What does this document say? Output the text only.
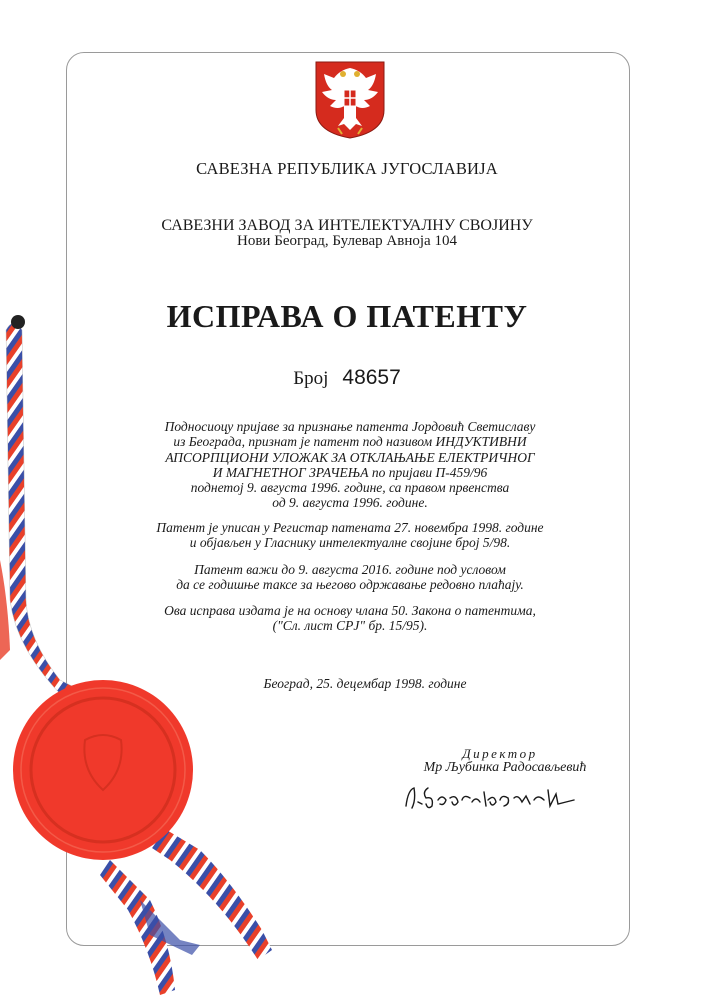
САВЕЗНА РЕПУБЛИКА ЈУГОСЛАВИЈА
САВЕЗНИ ЗАВОД ЗА ИНТЕЛЕКТУАЛНУ СВОЈИНУ
Нови Београд, Булевар Авноја 104
ИСПРАВА О ПАТЕНТУ
Број 48657
Подносиоцу пријаве за признање патента Јордовић Светиславу
из Београда, признат је патент под називом ИНДУКТИВНИ
АПСОРПЦИОНИ УЛОЖАК ЗА ОТКЛАЊАЊЕ ЕЛЕКТРИЧНОГ
И МАГНЕТНОГ ЗРАЧЕЊА по пријави П-459/96
поднетој 9. августа 1996. године, са правом првенства
од 9. августа 1996. године.
Патент је уписан у Регистар патената 27. новембра 1998. године
и објављен у Гласнику интелектуалне својине број 5/98.
Патент важи до 9. августа 2016. године под условом
да се годишње таксе за његово одржавање редовно плаћају.
Ова исправа издата је на основу члана 50. Закона о патентима,
("Сл. лист СРЈ" бр. 15/95).
Београд, 25. децембар 1998. године
Директор
Мр Љубинка Радосављевић
